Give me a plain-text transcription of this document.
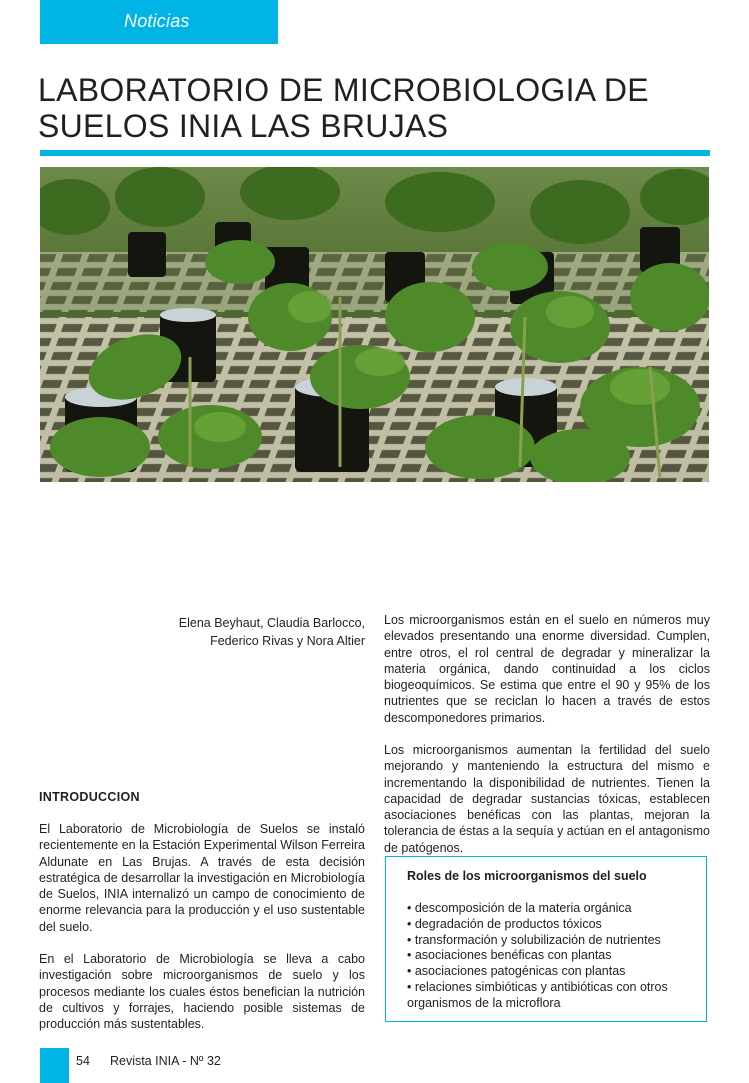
Noticias
LABORATORIO DE MICROBIOLOGIA DE
SUELOS INIA LAS BRUJAS
Elena Beyhaut, Claudia Barlocco,
Federico Rivas y Nora Altier
INTRODUCCION

El Laboratorio de Microbiología de Suelos se instaló recientemente en la Estación Experimental Wilson Ferreira Aldunate en Las Brujas. A través de esta decisión estratégica de desarrollar la investigación en Microbiología de Suelos, INIA internalizó un campo de conocimiento de enorme relevancia para la producción y el uso sustentable del suelo.

En el Laboratorio de Microbiología se lleva a cabo investigación sobre microorganismos de suelo y los procesos mediante los cuales éstos benefician la nutrición de cultivos y forrajes, haciendo posible sistemas de producción más sustentables.

Los microorganismos están en el suelo en números muy elevados presentando una enorme diversidad. Cumplen, entre otros, el rol central de degradar y mineralizar la materia orgánica, dando continuidad a los ciclos biogeoquímicos. Se estima que entre el 90 y 95% de los nutrientes que se reciclan lo hacen a través de estos descomponedores primarios.

Los microorganismos aumentan la fertilidad del suelo mejorando y manteniendo la estructura del mismo e incrementando la disponibilidad de nutrientes. Tienen la capacidad de degradar sustancias tóxicas, establecen asociaciones benéficas con las plantas, mejoran la tolerancia de éstas a la sequía y actúan en el antagonismo de patógenos.

Roles de los microorganismos del suelo
• descomposición de la materia orgánica
• degradación de productos tóxicos
• transformación y solubilización de nutrientes
• asociaciones benéficas con plantas
• asociaciones patogénicas con plantas
• relaciones simbióticas y antibióticas con otros organismos de la microflora
54 Revista INIA - Nº 32
